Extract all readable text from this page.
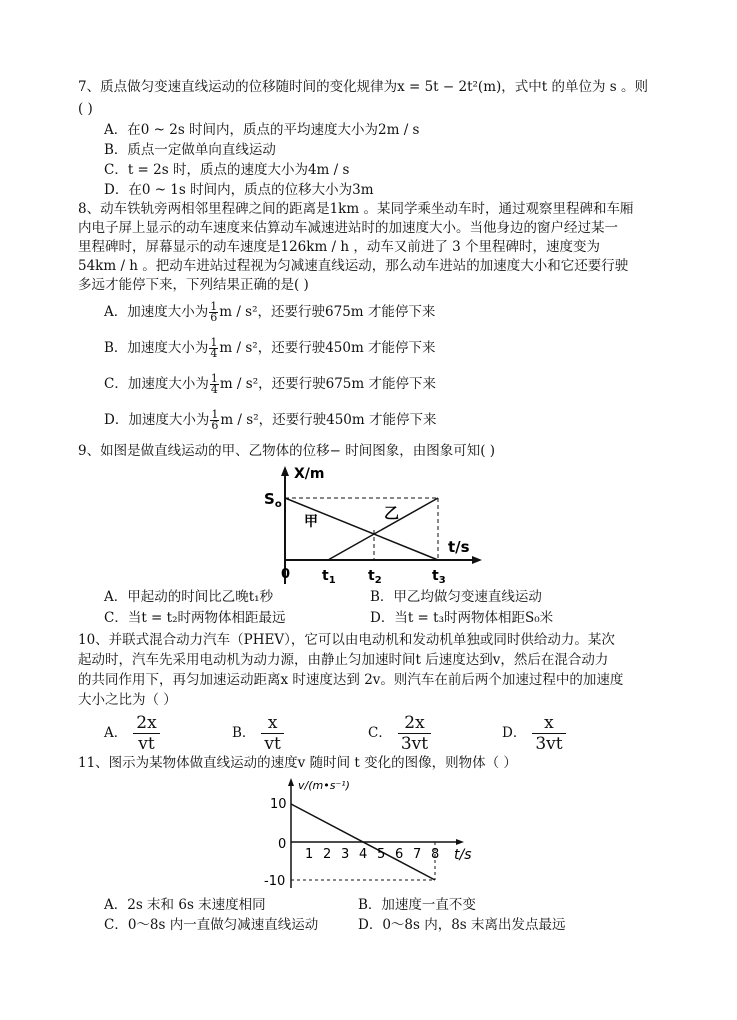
7、质点做匀变速直线运动的位移随时间的变化规律为x = 5t − 2t²(m)，式中t 的单位为 s 。则
( )
A．在0 ~ 2s 时间内，质点的平均速度大小为2m / s
B．质点一定做单向直线运动
C．t = 2s 时，质点的速度大小为4m / s
D．在0 ~ 1s 时间内，质点的位移大小为3m
8、动车铁轨旁两相邻里程碑之间的距离是1km 。某同学乘坐动车时，通过观察里程碑和车厢
内电子屏上显示的动车速度来估算动车减速进站时的加速度大小。当他身边的窗户经过某一
里程碑时，屏幕显示的动车速度是126km / h ，动车又前进了 3 个里程碑时，速度变为
54km / h 。把动车进站过程视为匀减速直线运动，那么动车进站的加速度大小和它还要行驶
多远才能停下来，下列结果正确的是( )
A．加速度大小为 $\frac{1}{6}$ m / s²，还要行驶675m 才能停下来
B．加速度大小为 $\frac{1}{4}$ m / s²，还要行驶450m 才能停下来
C．加速度大小为 $\frac{1}{4}$ m / s²，还要行驶675m 才能停下来
D．加速度大小为 $\frac{1}{6}$ m / s²，还要行驶450m 才能停下来
9、如图是做直线运动的甲、乙物体的位移− 时间图象，由图象可知( )
X/m
$S_o$
甲	乙
t/s
0 $t_1$ $t_2$	$t_3$
A．甲起动的时间比乙晚t₁秒	B．甲乙均做匀变速直线运动
C．当t = t₂时两物体相距最远	D．当t = t₃时两物体相距S₀米
10、并联式混合动力汽车（PHEV），它可以由电动机和发动机单独或同时供给动力。某次
起动时，汽车先采用电动机为动力源，由静止匀加速时间t 后速度达到v，然后在混合动力
的共同作用下，再匀加速运动距离x 时速度达到 2v。则汽车在前后两个加速过程中的加速度
大小之比为（ ）
A． $\frac{2x}{vt}$	B． $\frac{x}{vt}$	C． $\frac{2x}{3vt}$	D． $\frac{x}{3vt}$
11、图示为某物体做直线运动的速度v 随时间 t 变化的图像，则物体（ ）
1 2 3 4 5 6 7 8
v/(m•s⁻¹)
10
-10
0
t/s
A．2s 末和 6s 末速度相同	B．加速度一直不变
C．0～8s 内一直做匀减速直线运动	D．0～8s 内，8s 末离出发点最远
